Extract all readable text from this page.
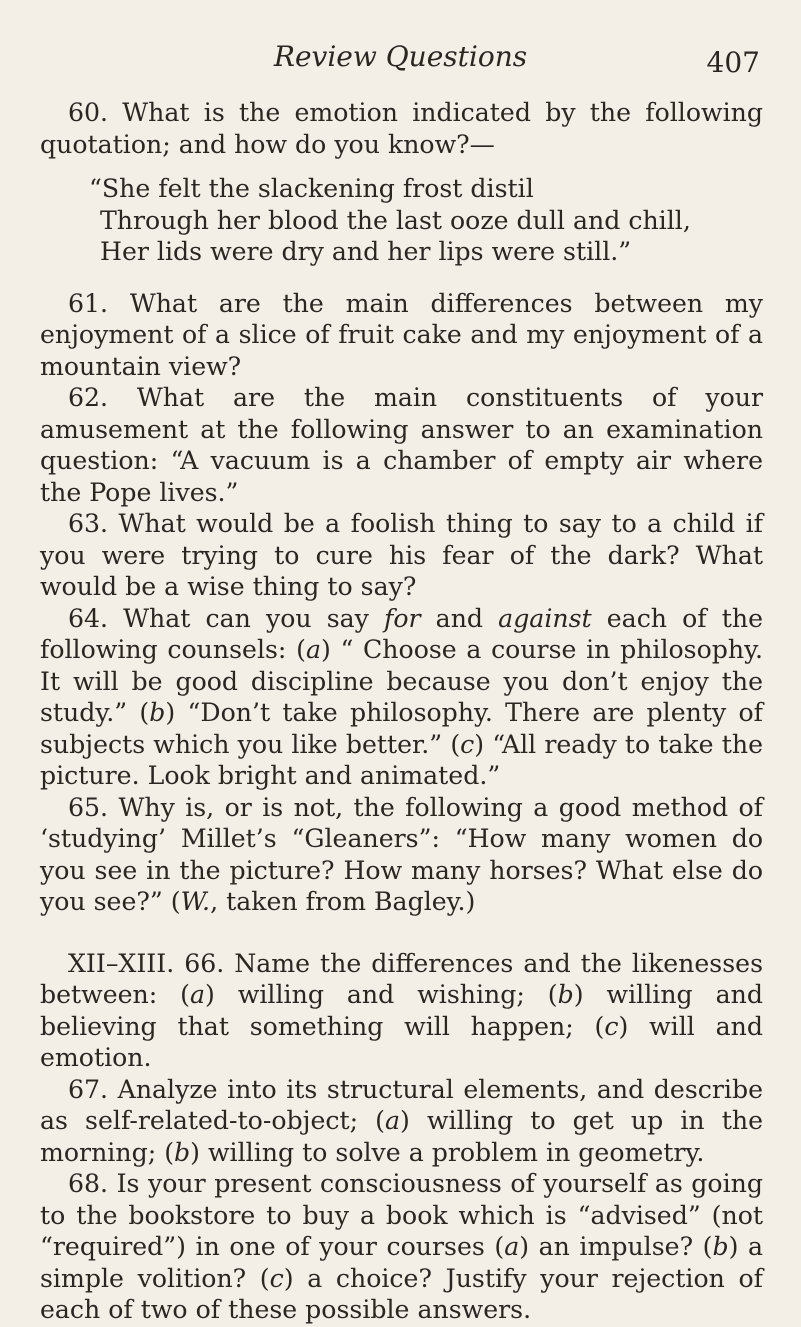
Review Questions	407

60. What is the emotion indicated by the following quotation; and how do you know?—

“She felt the slackening frost distil
Through her blood the last ooze dull and chill,
Her lids were dry and her lips were still.”

61. What are the main differences between my enjoyment of a slice of fruit cake and my enjoyment of a mountain view?

62. What are the main constituents of your amusement at the following answer to an examination question: “A vacuum is a chamber of empty air where the Pope lives.”

63. What would be a foolish thing to say to a child if you were trying to cure his fear of the dark? What would be a wise thing to say?

64. What can you say for and against each of the following counsels: (a) “ Choose a course in philosophy. It will be good discipline because you don’t enjoy the study.” (b) “Don’t take philosophy. There are plenty of subjects which you like better.” (c) “All ready to take the picture. Look bright and animated.”

65. Why is, or is not, the following a good method of ‘studying’ Millet’s “Gleaners”: “How many women do you see in the picture? How many horses? What else do you see?” (W., taken from Bagley.)

XII–XIII. 66. Name the differences and the likenesses between: (a) willing and wishing; (b) willing and believing that something will happen; (c) will and emotion.

67. Analyze into its structural elements, and describe as self-related-to-object; (a) willing to get up in the morning; (b) willing to solve a problem in geometry.

68. Is your present consciousness of yourself as going to the bookstore to buy a book which is “advised” (not “required”) in one of your courses (a) an impulse? (b) a simple volition? (c) a choice? Justify your rejection of each of two of these possible answers.
